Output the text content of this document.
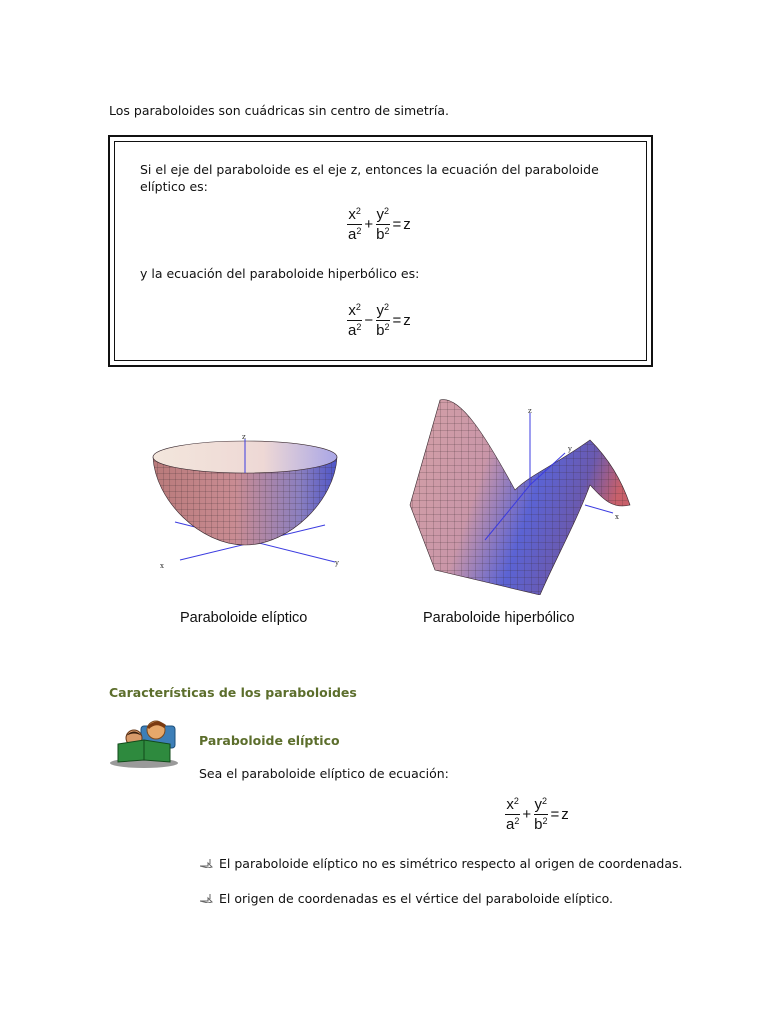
Los paraboloides son cuádricas sin centro de simetría.
Si el eje del paraboloide es el eje z, entonces la ecuación del paraboloide
elíptico es:
$\frac{x^2}{a^2} + \frac{y^2}{b^2} = z$
y la ecuación del paraboloide hiperbólico es:
$\frac{x^2}{a^2} - \frac{y^2}{b^2} = z$
z
x	y
z
y
x
Paraboloide elíptico	Paraboloide hiperbólico
Características de los paraboloides
Paraboloide elíptico
Sea el paraboloide elíptico de ecuación:
$\frac{x^2}{a^2} + \frac{y^2}{b^2} = z$
El paraboloide elíptico no es simétrico respecto al origen de coordenadas.
El origen de coordenadas es el vértice del paraboloide elíptico.
